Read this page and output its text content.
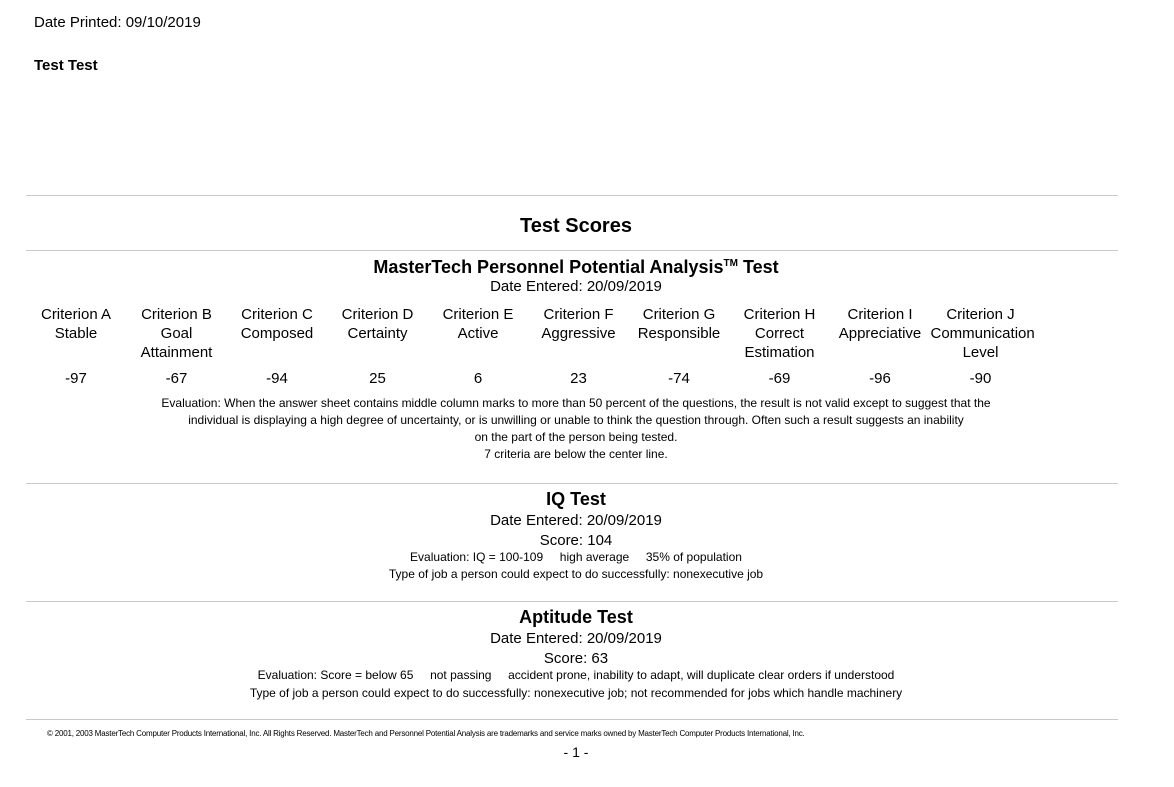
Date Printed: 09/10/2019
Test Test
Test Scores
MasterTech Personnel Potential Analysis™ Test
Date Entered: 20/09/2019
Criterion A
Stable
-97
Criterion B
Goal
Attainment
-67
Criterion C
Composed
-94
Criterion D
Certainty
25
Criterion E
Active
6
Criterion F
Aggressive
23
Criterion G
Responsible
-74
Criterion H
Correct
Estimation
-69
Criterion I
Appreciative
-96
Criterion J
Communication
Level
-90
Evaluation: When the answer sheet contains middle column marks to more than 50 percent of the questions, the result is not valid except to suggest that the
individual is displaying a high degree of uncertainty, or is unwilling or unable to think the question through. Often such a result suggests an inability
on the part of the person being tested.
7 criteria are below the center line.
IQ Test
Date Entered: 20/09/2019
Score: 104
Evaluation: IQ = 100-109     high average     35% of population
Type of job a person could expect to do successfully: nonexecutive job
Aptitude Test
Date Entered: 20/09/2019
Score: 63
Evaluation: Score = below 65     not passing     accident prone, inability to adapt, will duplicate clear orders if understood
Type of job a person could expect to do successfully: nonexecutive job; not recommended for jobs which handle machinery
© 2001, 2003 MasterTech Computer Products International, Inc. All Rights Reserved. MasterTech and Personnel Potential Analysis are trademarks and service marks owned by MasterTech Computer Products International, Inc.
- 1 -
